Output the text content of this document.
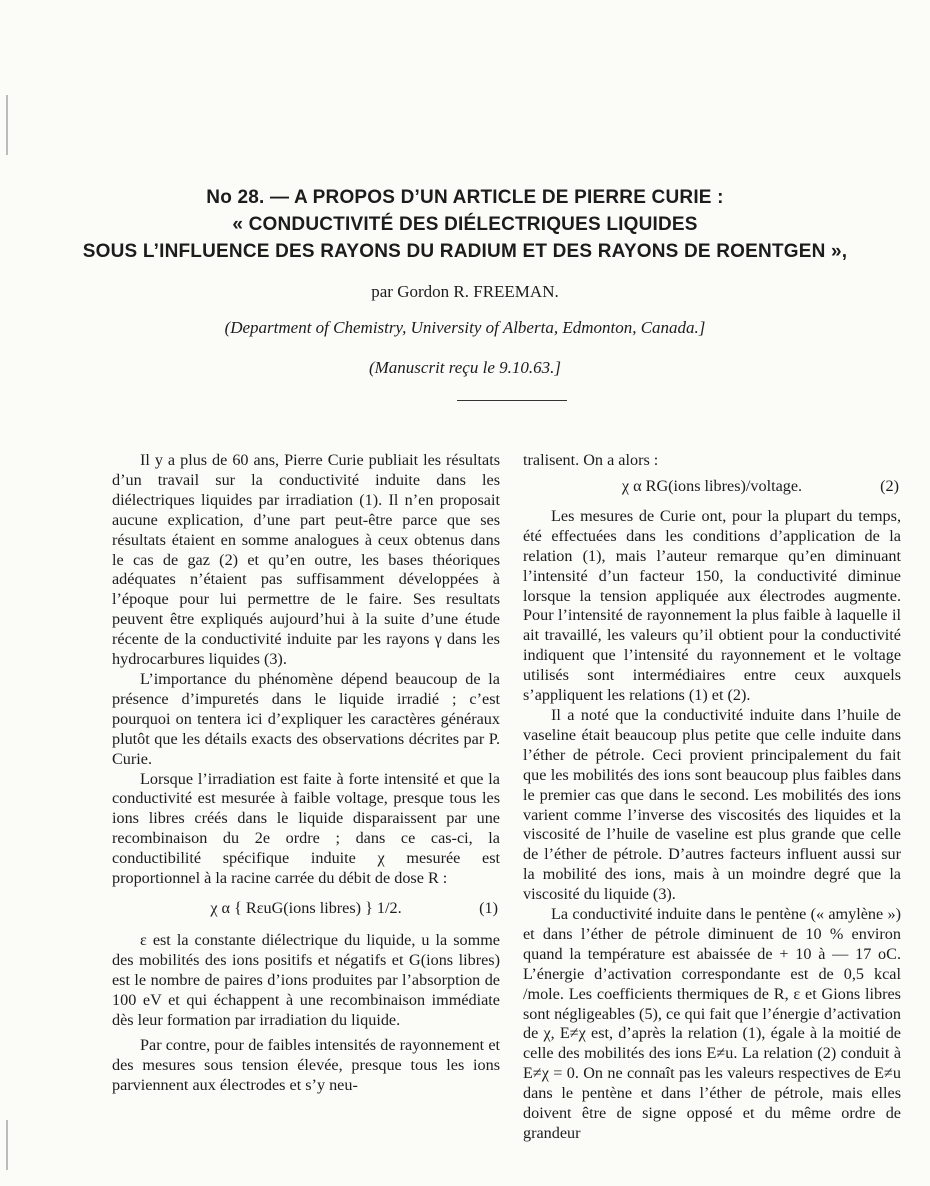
No 28. — A PROPOS D’UN ARTICLE DE PIERRE CURIE :
« CONDUCTIVITÉ DES DIÉLECTRIQUES LIQUIDES
SOUS L’INFLUENCE DES RAYONS DU RADIUM ET DES RAYONS DE ROENTGEN »,
par Gordon R. FREEMAN.
(Department of Chemistry, University of Alberta, Edmonton, Canada.]
(Manuscrit reçu le 9.10.63.]

Il y a plus de 60 ans, Pierre Curie publiait les résultats d’un travail sur la conductivité induite dans les diélectriques liquides par irradiation (1). Il n’en proposait aucune explication, d’une part peut-être parce que ses résultats étaient en somme analogues à ceux obtenus dans le cas de gaz (2) et qu’en outre, les bases théoriques adéquates n’étaient pas suffisamment développées à l’époque pour lui permettre de le faire. Ses resultats peuvent être expliqués aujourd’hui à la suite d’une étude récente de la conductivité induite par les rayons γ dans les hydrocarbures liquides (3).

L’importance du phénomène dépend beaucoup de la présence d’impuretés dans le liquide irradié ; c’est pourquoi on tentera ici d’expliquer les caractères généraux plutôt que les détails exacts des observations décrites par P. Curie.

Lorsque l’irradiation est faite à forte intensité et que la conductivité est mesurée à faible voltage, presque tous les ions libres créés dans le liquide disparaissent par une recombinaison du 2e ordre ; dans ce cas-ci, la conductibilité spécifique induite χ mesurée est proportionnel à la racine carrée du débit de dose R :

χ α { RεuG(ions libres) } 1/2.	(1)

ε est la constante diélectrique du liquide, u la somme des mobilités des ions positifs et négatifs et G(ions libres) est le nombre de paires d’ions produites par l’absorption de 100 eV et qui échappent à une recombinaison immédiate dès leur formation par irradiation du liquide.

Par contre, pour de faibles intensités de rayonnement et des mesures sous tension élevée, presque tous les ions parviennent aux électrodes et s’y neu-

tralisent. On a alors :

χ α RG(ions libres)/voltage.	(2)

Les mesures de Curie ont, pour la plupart du temps, été effectuées dans les conditions d’application de la relation (1), mais l’auteur remarque qu’en diminuant l’intensité d’un facteur 150, la conductivité diminue lorsque la tension appliquée aux électrodes augmente. Pour l’intensité de rayonnement la plus faible à laquelle il ait travaillé, les valeurs qu’il obtient pour la conductivité indiquent que l’intensité du rayonnement et le voltage utilisés sont intermédiaires entre ceux auxquels s’appliquent les relations (1) et (2).

Il a noté que la conductivité induite dans l’huile de vaseline était beaucoup plus petite que celle induite dans l’éther de pétrole. Ceci provient principalement du fait que les mobilités des ions sont beaucoup plus faibles dans le premier cas que dans le second. Les mobilités des ions varient comme l’inverse des viscosités des liquides et la viscosité de l’huile de vaseline est plus grande que celle de l’éther de pétrole. D’autres facteurs influent aussi sur la mobilité des ions, mais à un moindre degré que la viscosité du liquide (3).

La conductivité induite dans le pentène (« amylène ») et dans l’éther de pétrole diminuent de 10 % environ quand la température est abaissée de + 10 à — 17 oC. L’énergie d’activation correspondante est de 0,5 kcal /mole. Les coefficients thermiques de R, ε et Gions libres sont négligeables (5), ce qui fait que l’énergie d’activation de χ, E≠χ est, d’après la relation (1), égale à la moitié de celle des mobilités des ions E≠u. La relation (2) conduit à E≠χ = 0. On ne connaît pas les valeurs respectives de E≠u dans le pentène et dans l’éther de pétrole, mais elles doivent être de signe opposé et du même ordre de grandeur
